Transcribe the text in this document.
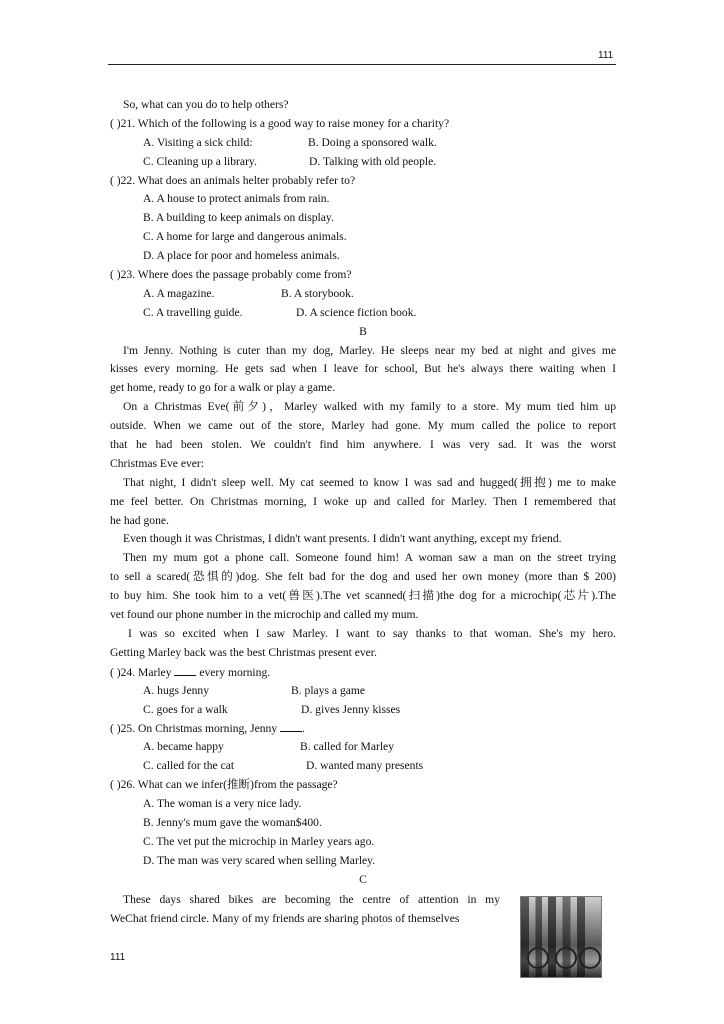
111
So, what can you do to help others?
( )21. Which of the following is a good way to raise money for a charity?
A. Visiting a sick child:	B. Doing a sponsored walk.
C. Cleaning up a library.	D. Talking with old people.
( )22. What does an animals helter probably refer to?
A. A house to protect animals from rain.
B. A building to keep animals on display.
C. A home for large and dangerous animals.
D. A place for poor and homeless animals.
( )23. Where does the passage probably come from?
A. A magazine.	B. A storybook.
C. A travelling guide.	D. A science fiction book.
B
I'm Jenny. Nothing is cuter than my dog, Marley. He sleeps near my bed at night and gives me
kisses every morning. He gets sad when I leave for school, But he's always there waiting when I
get home, ready to go for a walk or play a game.
On a Christmas Eve(前夕)，Marley walked with my family to a store. My mum tied him up
outside. When we came out of the store, Marley had gone. My mum called the police to report
that he had been stolen. We couldn't find him anywhere. I was very sad. It was the worst
Christmas Eve ever:
That night, I didn't sleep well. My cat seemed to know I was sad and hugged(拥抱) me to make
me feel better. On Christmas morning, I woke up and called for Marley. Then I remembered that
he had gone.
Even though it was Christmas, I didn't want presents. I didn't want anything, except my friend.
Then my mum got a phone call. Someone found him! A woman saw a man on the street trying
to sell a scared(恐惧的)dog. She felt bad for the dog and used her own money (more than $ 200)
to buy him. She took him to a vet(兽医).The vet scanned(扫描)the dog for a microchip(芯片).The
vet found our phone number in the microchip and called my mum.
I was so excited when I saw Marley. I want to say thanks to that woman. She's my hero.
Getting Marley back was the best Christmas present ever.
( )24. Marley every morning.
A. hugs Jenny	B. plays a game
C. goes for a walk	D. gives Jenny kisses
( )25. On Christmas morning, Jenny .
A. became happy	B. called for Marley
C. called for the cat	D. wanted many presents
( )26. What can we infer(推断)from the passage?
A. The woman is a very nice lady.
B. Jenny's mum gave the woman$400.
C. The vet put the microchip in Marley years ago.
D. The man was very scared when selling Marley.
C
These days shared bikes are becoming the centre of attention in my
WeChat friend circle. Many of my friends are sharing photos of themselves
111
